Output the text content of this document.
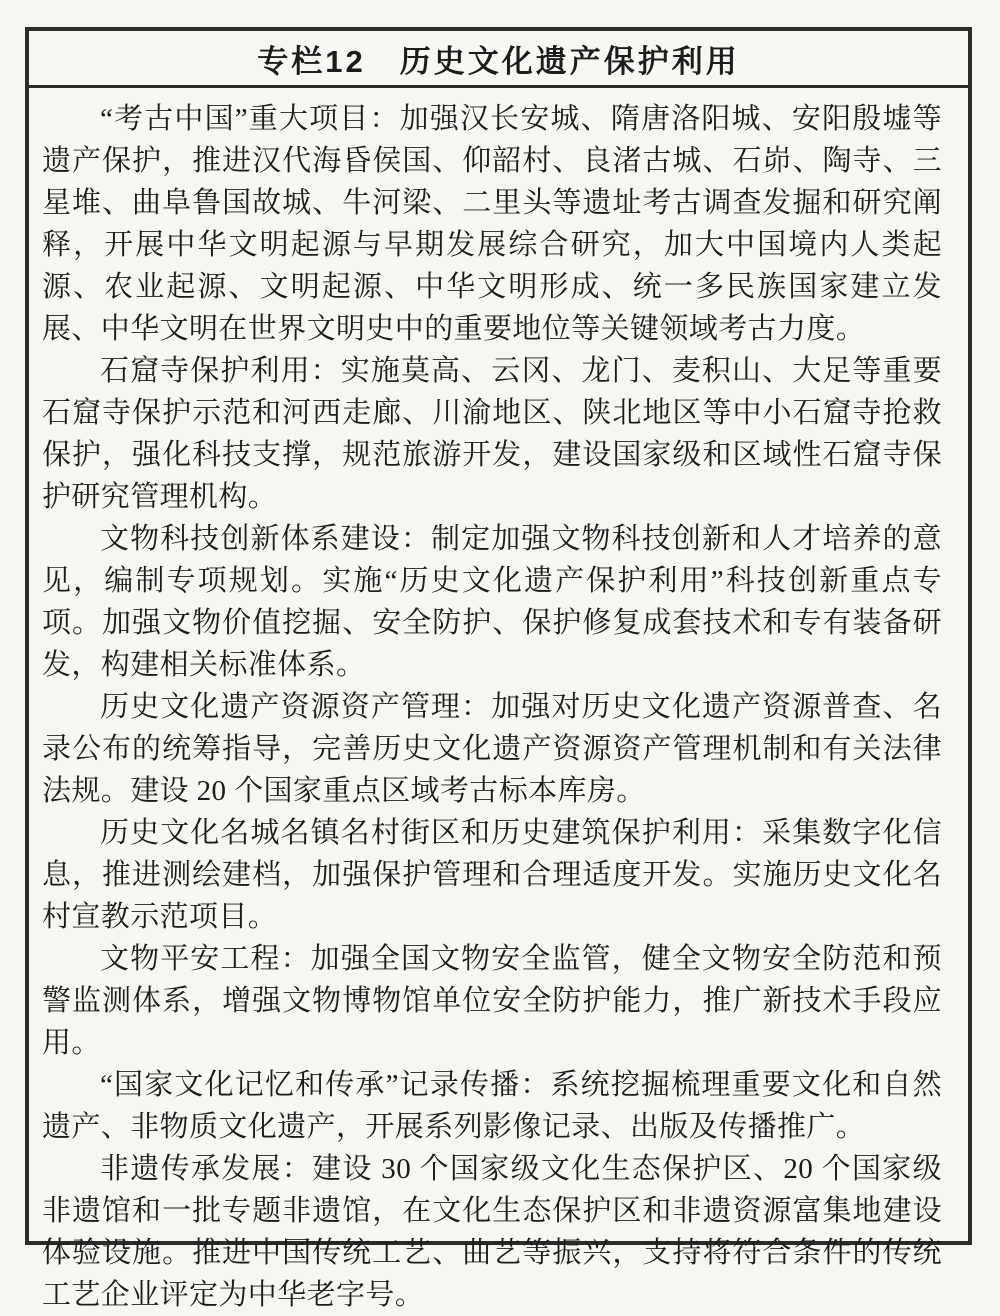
专栏12　历史文化遗产保护利用

“考古中国”重大项目：加强汉长安城、隋唐洛阳城、安阳殷墟等遗产保护，推进汉代海昏侯国、仰韶村、良渚古城、石峁、陶寺、三星堆、曲阜鲁国故城、牛河梁、二里头等遗址考古调查发掘和研究阐释，开展中华文明起源与早期发展综合研究，加大中国境内人类起源、农业起源、文明起源、中华文明形成、统一多民族国家建立发展、中华文明在世界文明史中的重要地位等关键领域考古力度。

石窟寺保护利用：实施莫高、云冈、龙门、麦积山、大足等重要石窟寺保护示范和河西走廊、川渝地区、陕北地区等中小石窟寺抢救保护，强化科技支撑，规范旅游开发，建设国家级和区域性石窟寺保护研究管理机构。

文物科技创新体系建设：制定加强文物科技创新和人才培养的意见，编制专项规划。实施“历史文化遗产保护利用”科技创新重点专项。加强文物价值挖掘、安全防护、保护修复成套技术和专有装备研发，构建相关标准体系。

历史文化遗产资源资产管理：加强对历史文化遗产资源普查、名录公布的统筹指导，完善历史文化遗产资源资产管理机制和有关法律法规。建设 20 个国家重点区域考古标本库房。

历史文化名城名镇名村街区和历史建筑保护利用：采集数字化信息，推进测绘建档，加强保护管理和合理适度开发。实施历史文化名村宣教示范项目。

文物平安工程：加强全国文物安全监管，健全文物安全防范和预警监测体系，增强文物博物馆单位安全防护能力，推广新技术手段应用。

“国家文化记忆和传承”记录传播：系统挖掘梳理重要文化和自然遗产、非物质文化遗产，开展系列影像记录、出版及传播推广。

非遗传承发展：建设 30 个国家级文化生态保护区、20 个国家级非遗馆和一批专题非遗馆，在文化生态保护区和非遗资源富集地建设体验设施。推进中国传统工艺、曲艺等振兴，支持将符合条件的传统工艺企业评定为中华老字号。
